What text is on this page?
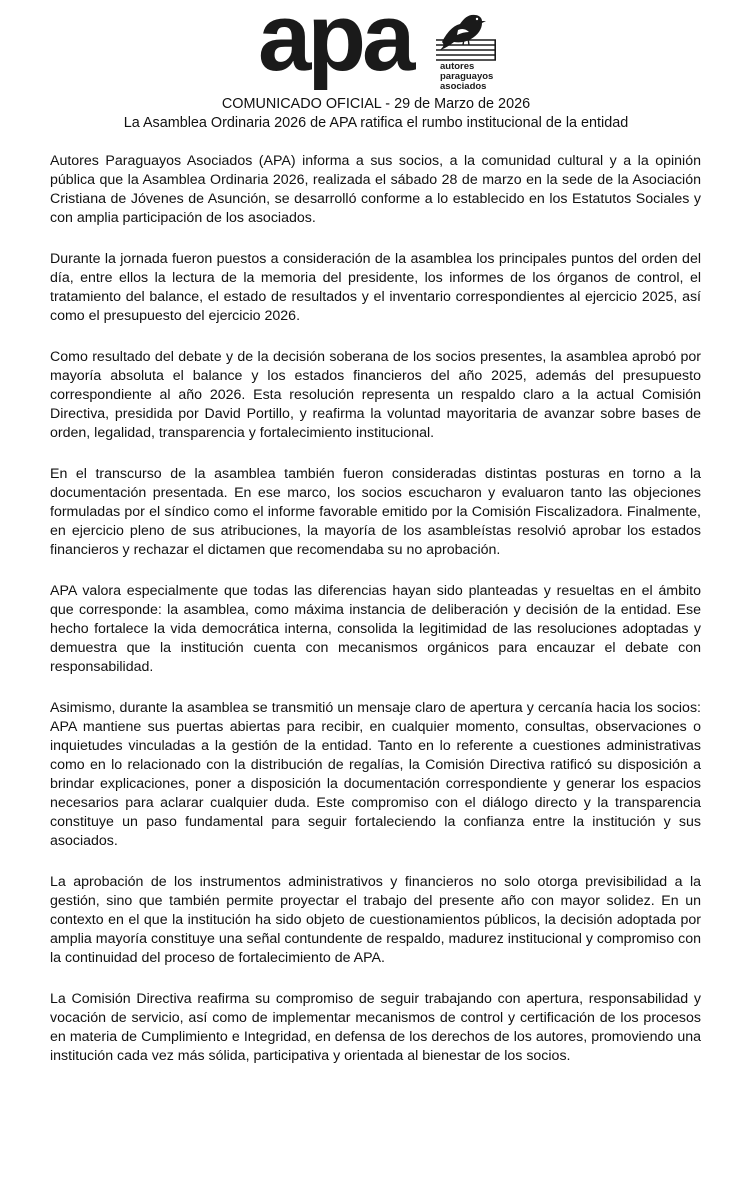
apa	autores
paraguayos
asociados
COMUNICADO OFICIAL - 29 de Marzo de 2026
La Asamblea Ordinaria 2026 de APA ratifica el rumbo institucional de la entidad

Autores Paraguayos Asociados (APA) informa a sus socios, a la comunidad cultural y a la opinión pública que la Asamblea Ordinaria 2026, realizada el sábado 28 de marzo en la sede de la Asociación Cristiana de Jóvenes de Asunción, se desarrolló conforme a lo establecido en los Estatutos Sociales y con amplia participación de los asociados.

Durante la jornada fueron puestos a consideración de la asamblea los principales puntos del orden del día, entre ellos la lectura de la memoria del presidente, los informes de los órganos de control, el tratamiento del balance, el estado de resultados y el inventario correspondientes al ejercicio 2025, así como el presupuesto del ejercicio 2026.

Como resultado del debate y de la decisión soberana de los socios presentes, la asamblea aprobó por mayoría absoluta el balance y los estados financieros del año 2025, además del presupuesto correspondiente al año 2026. Esta resolución representa un respaldo claro a la actual Comisión Directiva, presidida por David Portillo, y reafirma la voluntad mayoritaria de avanzar sobre bases de orden, legalidad, transparencia y fortalecimiento institucional.

En el transcurso de la asamblea también fueron consideradas distintas posturas en torno a la documentación presentada. En ese marco, los socios escucharon y evaluaron tanto las objeciones formuladas por el síndico como el informe favorable emitido por la Comisión Fiscalizadora. Finalmente, en ejercicio pleno de sus atribuciones, la mayoría de los asambleístas resolvió aprobar los estados financieros y rechazar el dictamen que recomendaba su no aprobación.

APA valora especialmente que todas las diferencias hayan sido planteadas y resueltas en el ámbito que corresponde: la asamblea, como máxima instancia de deliberación y decisión de la entidad. Ese hecho fortalece la vida democrática interna, consolida la legitimidad de las resoluciones adoptadas y demuestra que la institución cuenta con mecanismos orgánicos para encauzar el debate con responsabilidad.

Asimismo, durante la asamblea se transmitió un mensaje claro de apertura y cercanía hacia los socios: APA mantiene sus puertas abiertas para recibir, en cualquier momento, consultas, observaciones o inquietudes vinculadas a la gestión de la entidad. Tanto en lo referente a cuestiones administrativas como en lo relacionado con la distribución de regalías, la Comisión Directiva ratificó su disposición a brindar explicaciones, poner a disposición la documentación correspondiente y generar los espacios necesarios para aclarar cualquier duda. Este compromiso con el diálogo directo y la transparencia constituye un paso fundamental para seguir fortaleciendo la confianza entre la institución y sus asociados.

La aprobación de los instrumentos administrativos y financieros no solo otorga previsibilidad a la gestión, sino que también permite proyectar el trabajo del presente año con mayor solidez. En un contexto en el que la institución ha sido objeto de cuestionamientos públicos, la decisión adoptada por amplia mayoría constituye una señal contundente de respaldo, madurez institucional y compromiso con la continuidad del proceso de fortalecimiento de APA.

La Comisión Directiva reafirma su compromiso de seguir trabajando con apertura, responsabilidad y vocación de servicio, así como de implementar mecanismos de control y certificación de los procesos en materia de Cumplimiento e Integridad, en defensa de los derechos de los autores, promoviendo una institución cada vez más sólida, participativa y orientada al bienestar de los socios.
